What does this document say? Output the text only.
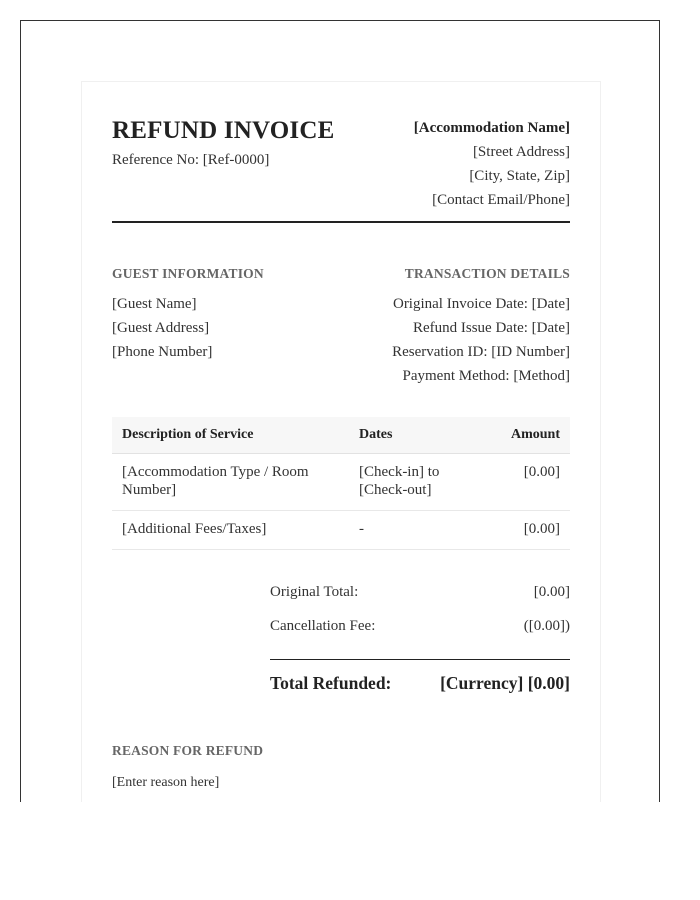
REFUND INVOICE
Reference No: [Ref-0000]
[Accommodation Name]
[Street Address]
[City, State, Zip]
[Contact Email/Phone]
GUEST INFORMATION
[Guest Name]
[Guest Address]
[Phone Number]
TRANSACTION DETAILS
Original Invoice Date: [Date]
Refund Issue Date: [Date]
Reservation ID: [ID Number]
Payment Method: [Method]
Description of Service	Dates	Amount
[Accommodation Type / Room Number]	[Check-in] to [Check-out]	[0.00]
[Additional Fees/Taxes]	-	[0.00]
Original Total:	[0.00]
Cancellation Fee:	([0.00])
Total Refunded:	[Currency] [0.00]
REASON FOR REFUND
[Enter reason here]
